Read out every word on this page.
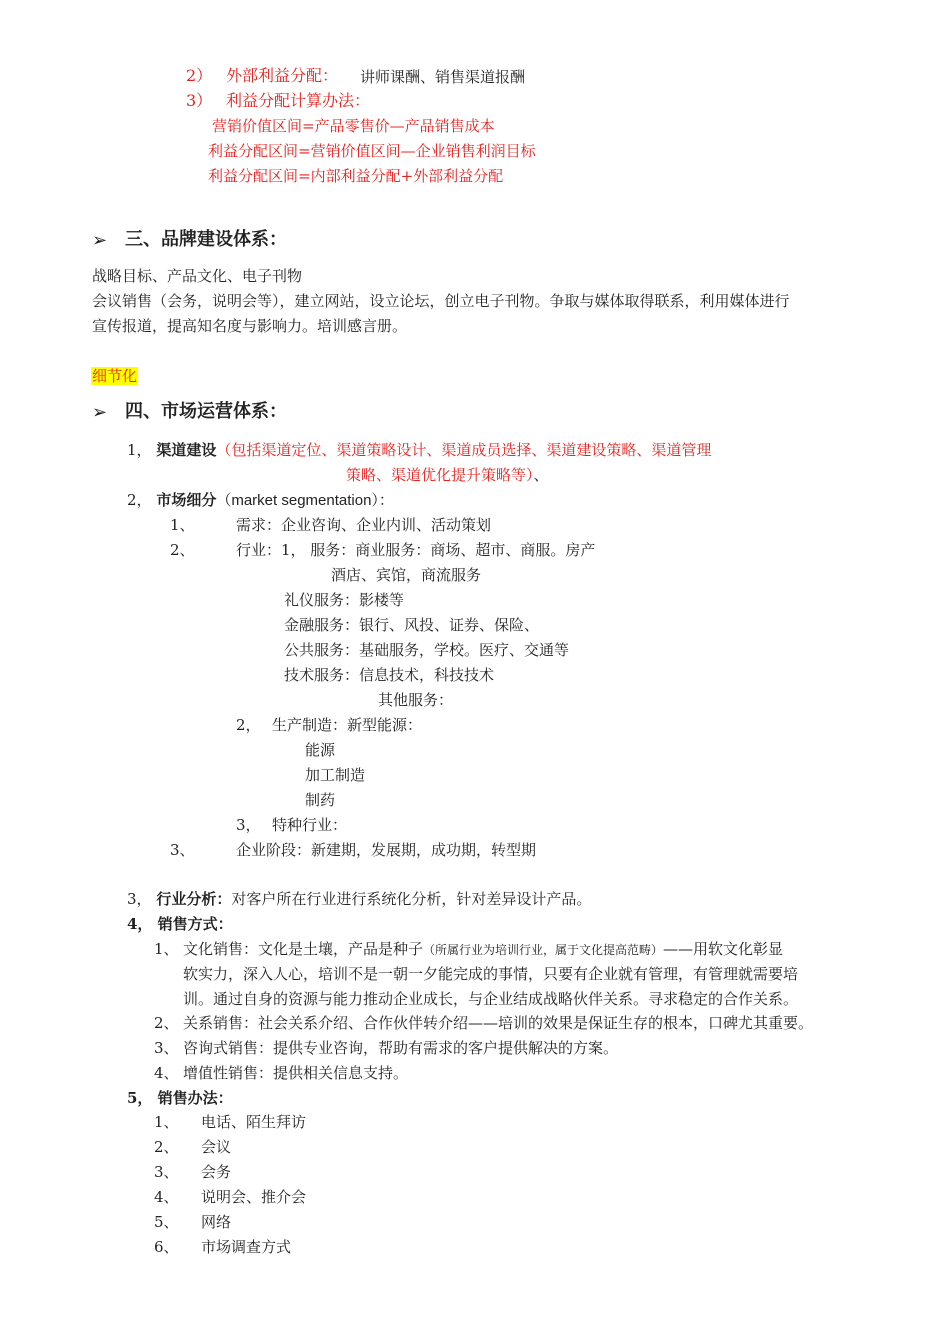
2） 外部利益分配： 讲师课酬、销售渠道报酬
3） 利益分配计算办法：
营销价值区间=产品零售价—产品销售成本
利益分配区间=营销价值区间—企业销售利润目标
利益分配区间=内部利益分配+外部利益分配
➢ 三、品牌建设体系：
战略目标、产品文化、电子刊物
会议销售（会务，说明会等），建立网站，设立论坛，创立电子刊物。争取与媒体取得联系，利用媒体进行
宣传报道，提高知名度与影响力。培训感言册。
细节化
➢ 四、市场运营体系：
1， 渠道建设（包括渠道定位、渠道策略设计、渠道成员选择、渠道建设策略、渠道管理
策略、渠道优化提升策略等）、
2， 市场细分（market segmentation）：
1、	需求：企业咨询、企业内训、活动策划
2、	行业：1， 服务：商业服务：商场、超市、商服。房产
酒店、宾馆，商流服务
礼仪服务：影楼等
金融服务：银行、风投、证券、保险、
公共服务：基础服务，学校。医疗、交通等
技术服务：信息技术，科技技术
其他服务：
2， 生产制造：新型能源：
能源
加工制造
制药
3， 特种行业：
3、	企业阶段：新建期，发展期，成功期，转型期
3， 行业分析：对客户所在行业进行系统化分析，针对差异设计产品。
4， 销售方式：
1、 文化销售：文化是土壤，产品是种子（所属行业为培训行业，属于文化提高范畴）——用软文化彰显
软实力，深入人心，培训不是一朝一夕能完成的事情，只要有企业就有管理，有管理就需要培
训。通过自身的资源与能力推动企业成长，与企业结成战略伙伴关系。寻求稳定的合作关系。
2、 关系销售：社会关系介绍、合作伙伴转介绍——培训的效果是保证生存的根本，口碑尤其重要。
3、 咨询式销售：提供专业咨询，帮助有需求的客户提供解决的方案。
4、 增值性销售：提供相关信息支持。
5， 销售办法：
1、 电话、陌生拜访
2、 会议
3、 会务
4、 说明会、推介会
5、 网络
6、 市场调查方式
